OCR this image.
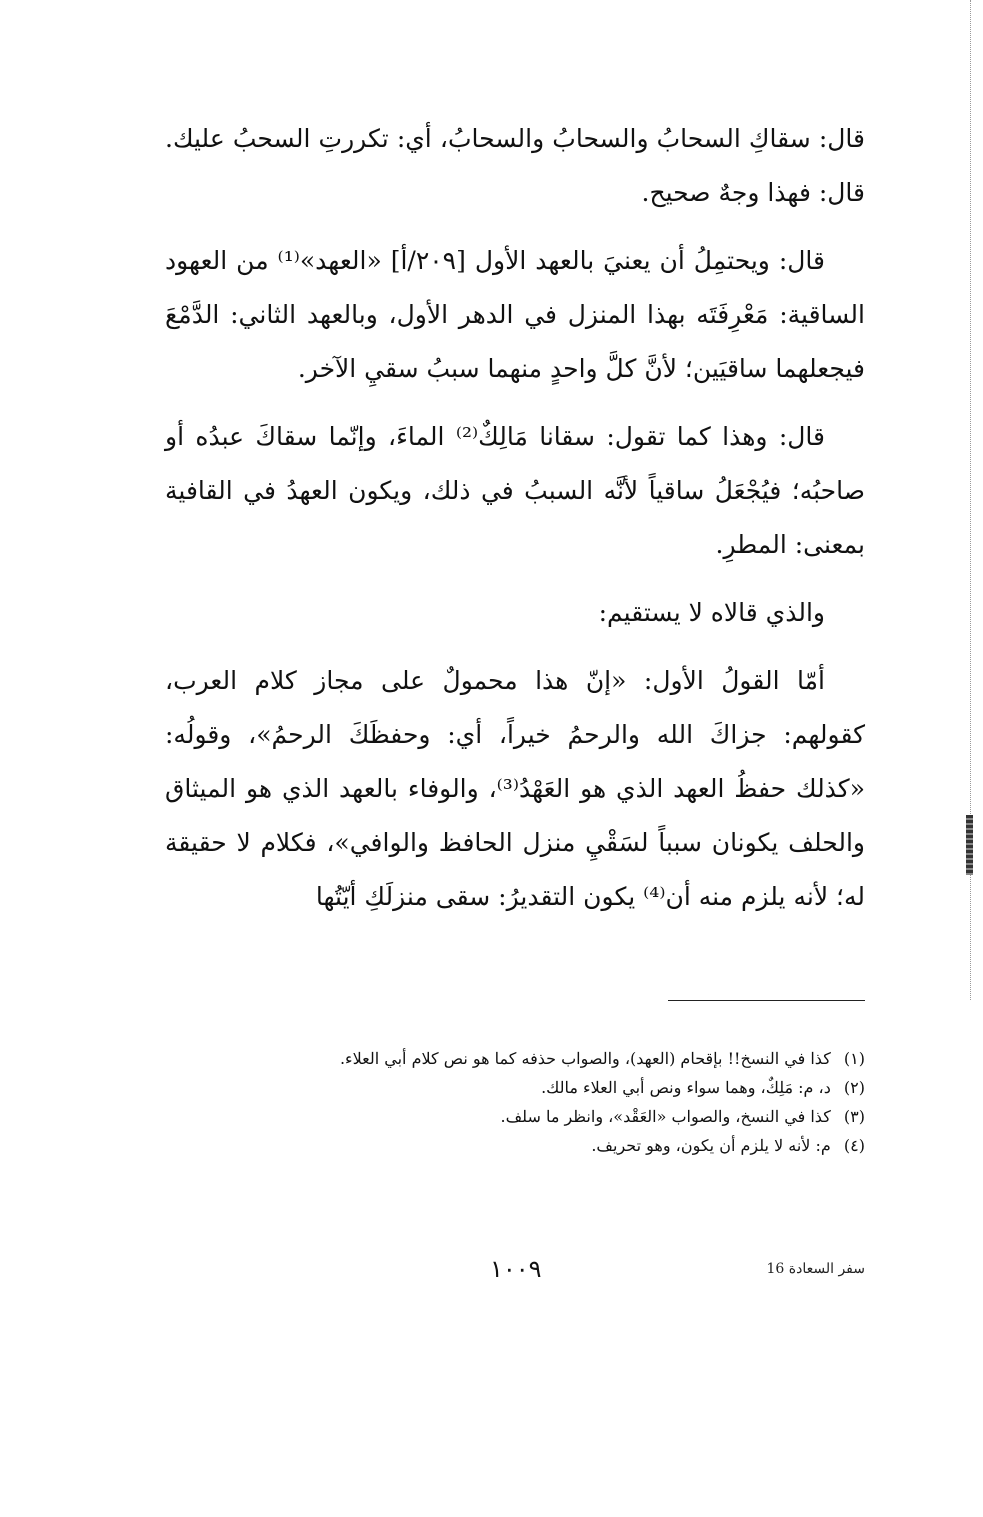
قال: سقاكِ السحابُ والسحابُ والسحابُ، أي: تكررتِ السحبُ عليك. قال: فهذا وجهٌ صحيح.

قال: ويحتمِلُ أن يعنيَ بالعهد الأول [٢٠٩/أ] «العهد»⁽¹⁾ من العهود الساقية: مَعْرِفَتَه بهذا المنزل في الدهر الأول، وبالعهد الثاني: الدَّمْعَ فيجعلهما ساقيَين؛ لأنَّ كلَّ واحدٍ منهما سببُ سقيِ الآخر.

قال: وهذا كما تقول: سقانا مَالِكٌ⁽²⁾ الماءَ، وإنّما سقاكَ عبدُه أو صاحبُه؛ فيُجْعَلُ ساقياً لأنَّه السببُ في ذلك، ويكون العهدُ في القافية بمعنى: المطرِ.

والذي قالاه لا يستقيم:

أمّا القولُ الأول: «إنّ هذا محمولٌ على مجاز كلام العرب، كقولهم: جزاكَ الله والرحمُ خيراً، أي: وحفظَكَ الرحمُ»، وقولُه: «كذلك حفظُ العهد الذي هو العَهْدُ⁽³⁾، والوفاء بالعهد الذي هو الميثاق والحلف يكونان سبباً لسَقْيِ منزل الحافظ والوافي»، فكلام لا حقيقة له؛ لأنه يلزم منه أن⁽⁴⁾ يكون التقديرُ: سقى منزلَكِ أيّتُها

(١) كذا في النسخ!! بإقحام (العهد)، والصواب حذفه كما هو نص كلام أبي العلاء.

(٢) د، م: مَلِكٌ، وهما سواء ونص أبي العلاء مالك.

(٣) كذا في النسخ، والصواب «العَقْد»، وانظر ما سلف.

(٤) م: لأنه لا يلزم أن يكون، وهو تحريف.

١٠٠٩	سفر السعادة 16
